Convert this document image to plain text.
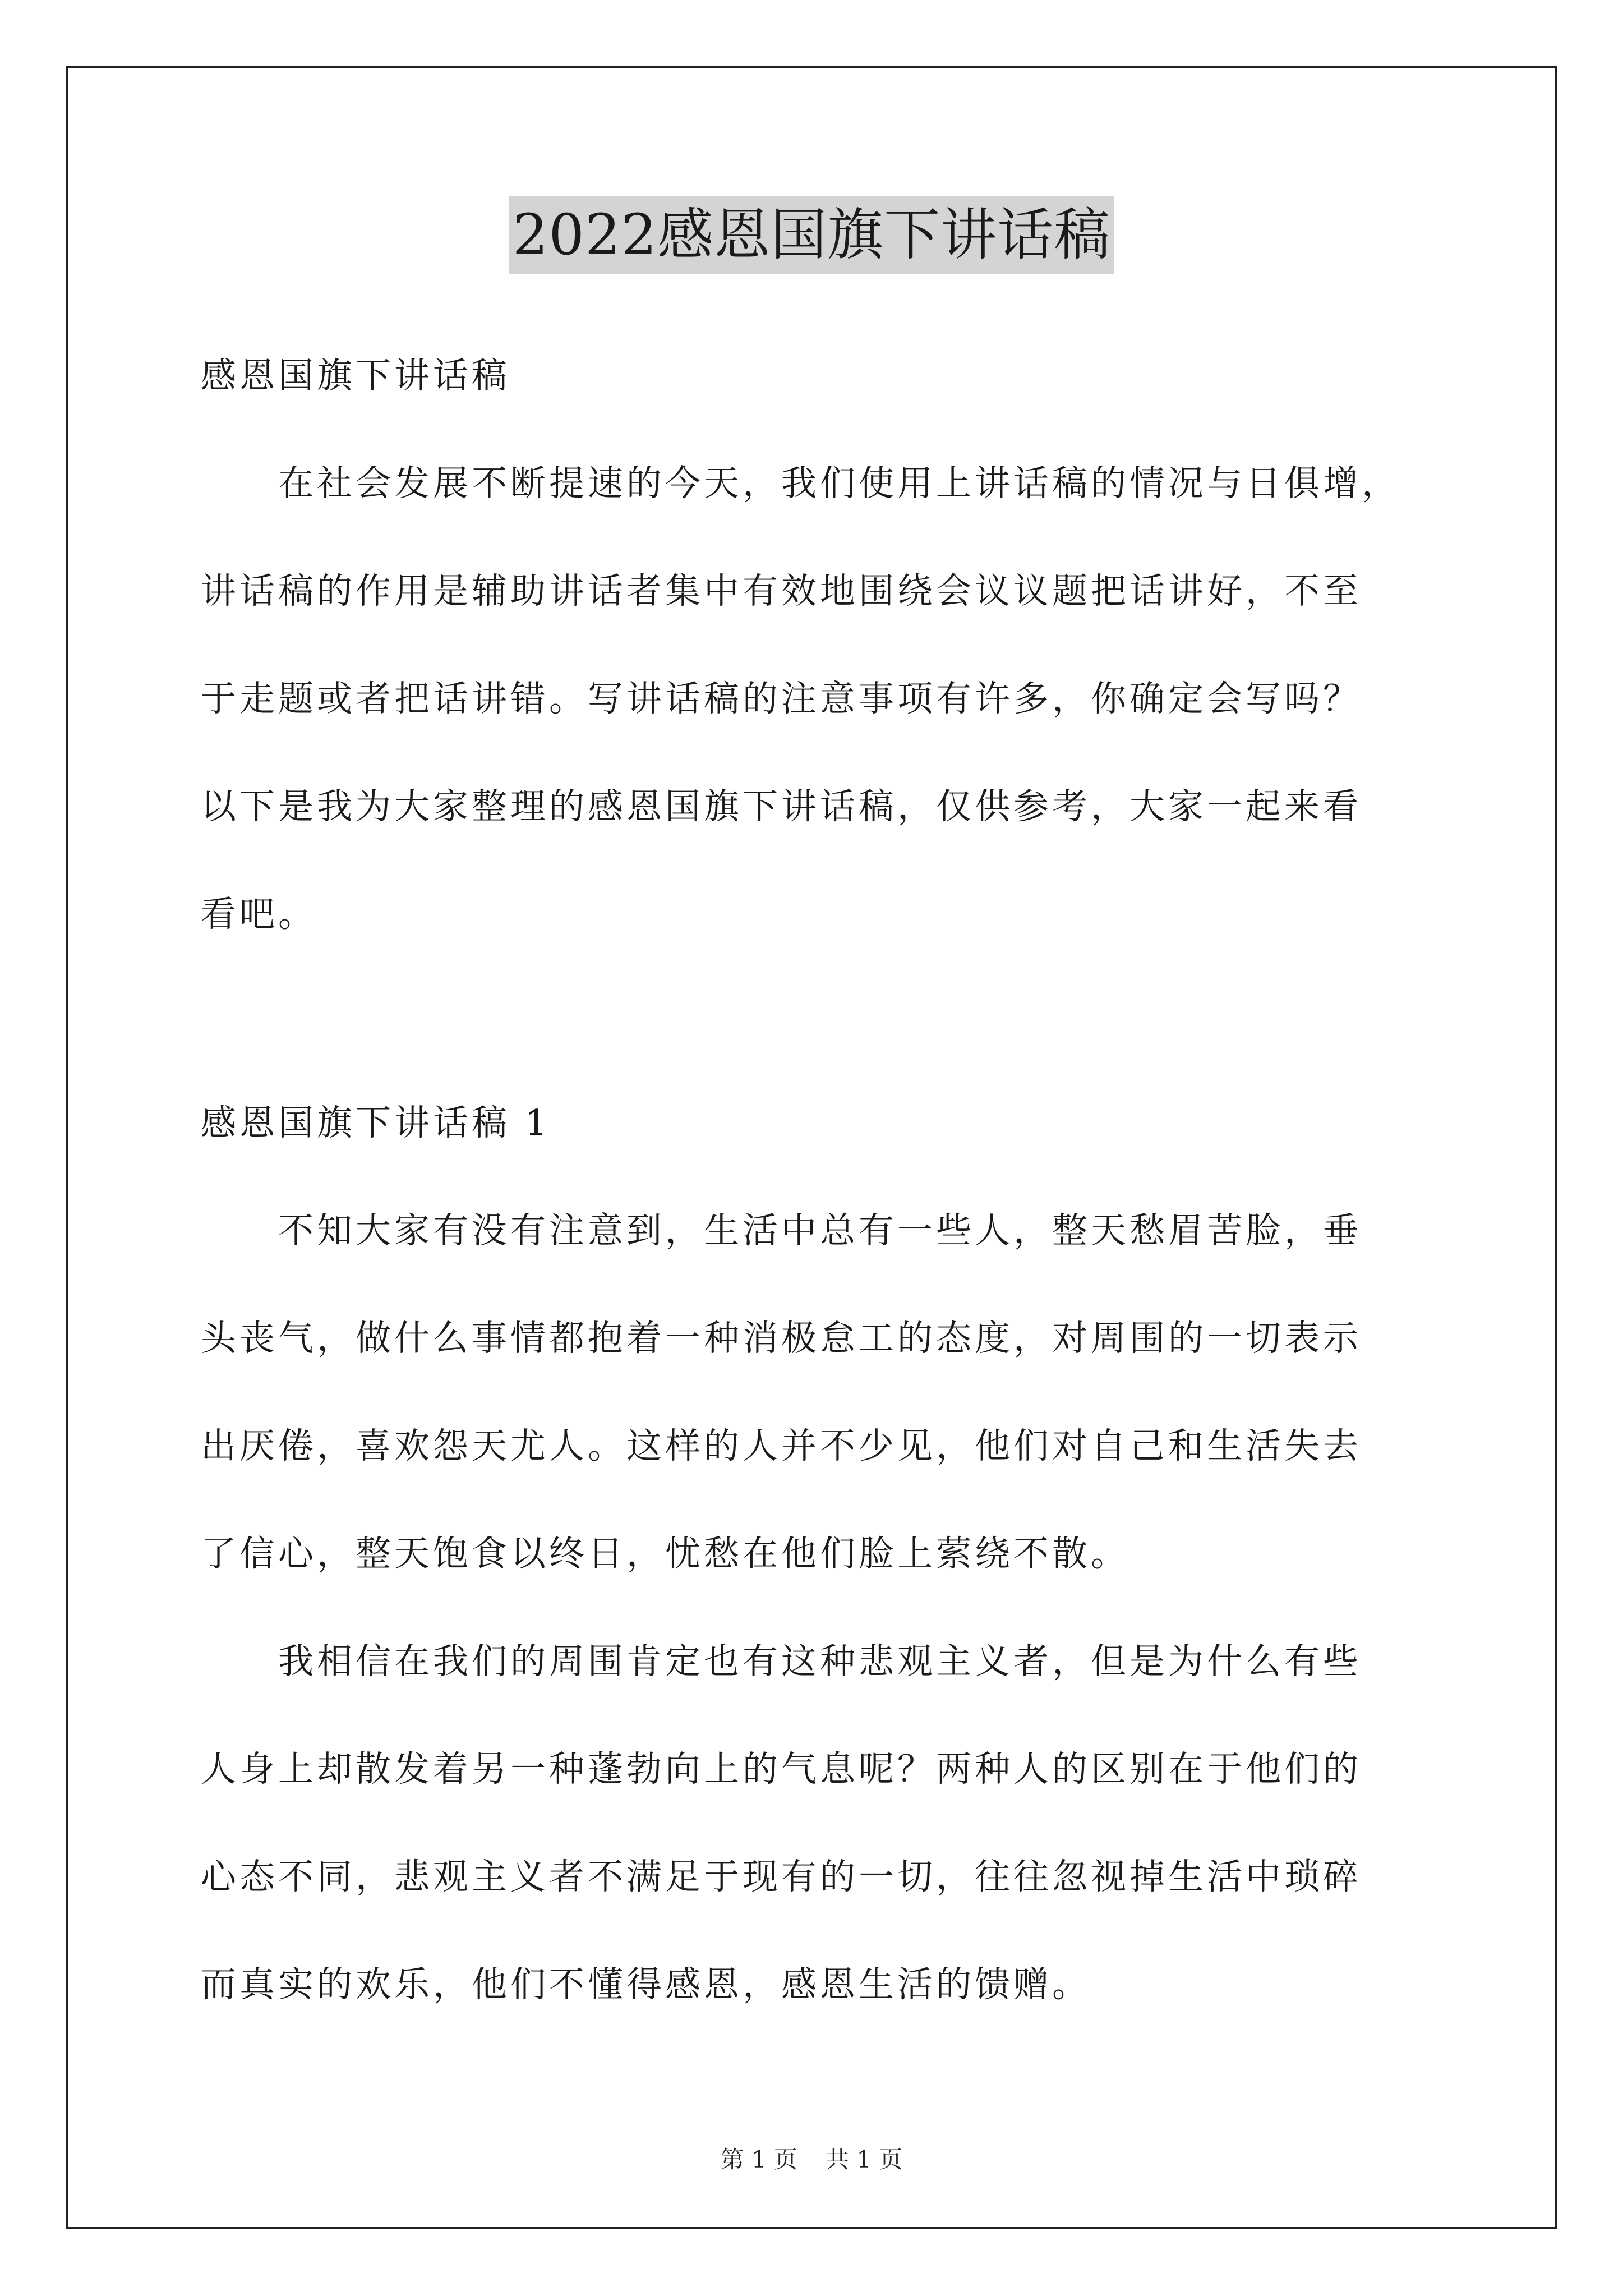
2022感恩国旗下讲话稿

感恩国旗下讲话稿

在社会发展不断提速的今天，我们使用上讲话稿的情况与日俱增，
讲话稿的作用是辅助讲话者集中有效地围绕会议议题把话讲好，不至
于走题或者把话讲错。写讲话稿的注意事项有许多，你确定会写吗？
以下是我为大家整理的感恩国旗下讲话稿，仅供参考，大家一起来看
看吧。

感恩国旗下讲话稿 1

不知大家有没有注意到，生活中总有一些人，整天愁眉苦脸，垂
头丧气，做什么事情都抱着一种消极怠工的态度，对周围的一切表示
出厌倦，喜欢怨天尤人。这样的人并不少见，他们对自己和生活失去
了信心，整天饱食以终日，忧愁在他们脸上萦绕不散。

我相信在我们的周围肯定也有这种悲观主义者，但是为什么有些
人身上却散发着另一种蓬勃向上的气息呢？两种人的区别在于他们的
心态不同，悲观主义者不满足于现有的一切，往往忽视掉生活中琐碎
而真实的欢乐，他们不懂得感恩，感恩生活的馈赠。

第 1 页 共 1 页
